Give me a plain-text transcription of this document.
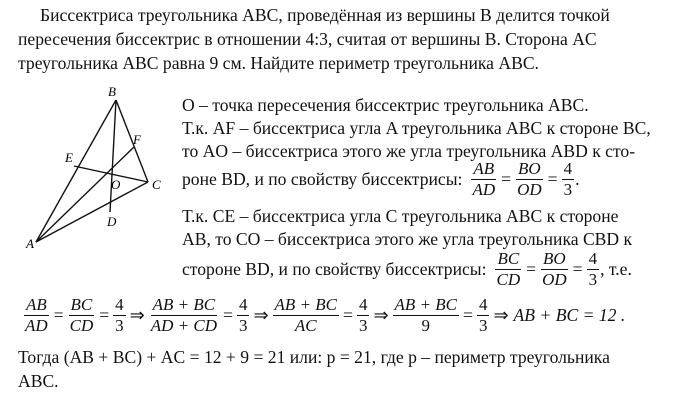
Биссектриса треугольника ABC, проведённая из вершины B делится точкой
пересечения биссектрис в отношении 4:3, считая от вершины B. Сторона AC
треугольника ABC равна 9 см. Найдите периметр треугольника ABC.
B
E
F
O C
D
A
O – точка пересечения биссектрис треугольника ABC.
Т.к. AF – биссектриса угла A треугольника ABC к стороне BC,
то AO – биссектриса этого же угла треугольника ABD к сто-
роне BD, и по свойству биссектрисы: $\frac{AB}{AD} = \frac{BO}{OD} = \frac{4}{3}$ .
Т.к. CE – биссектриса угла C треугольника ABC к стороне
AB, то CO – биссектриса этого же угла треугольника CBD к
стороне BD, и по свойству биссектрисы: $\frac{BC}{CD} = \frac{BO}{OD} = \frac{4}{3}$ , т.е.
$\frac{AB}{AD} = \frac{BC}{CD} = \frac{4}{3}$ ⇒ $\frac{AB + BC}{AD + CD} = \frac{4}{3}$ ⇒ $\frac{AB + BC}{AC} = \frac{4}{3}$ ⇒ $\frac{AB + BC}{9} = \frac{4}{3}$ ⇒ AB + BC = 12 .
Тогда (AB + BC) + AC = 12 + 9 = 21 или: p = 21, где p – периметр треугольника
ABC.
